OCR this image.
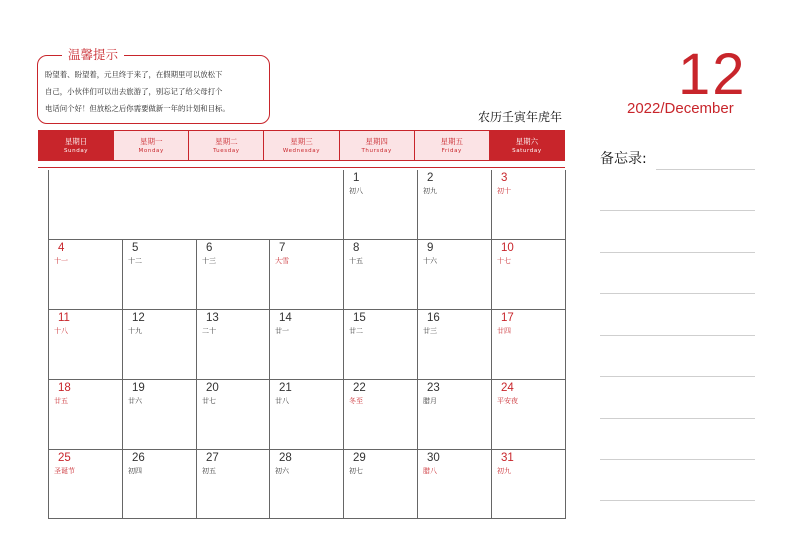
温馨提示
盼望着、盼望着，元旦终于来了，在假期里可以放松下
自己，小伙伴们可以出去旅游了，别忘记了给父母打个
电话问个好！但放松之后你需要做新一年的计划和目标。
农历壬寅年虎年
12
2022/December
星期日
Sunday
星期一
Monday
星期二
Tuesday
星期三
Wednesday
星期四
Thursday
星期五
Friday
星期六
Saturday
1
初八
2
初九
3
初十
4
十一
5
十二
6
十三
7
大雪
8
十五
9
十六
10
十七
11
十八
12
十九
13
二十
14
廿一
15
廿二
16
廿三
17
廿四
18
廿五
19
廿六
20
廿七
21
廿八
22
冬至
23
腊月
24
平安夜
25
圣诞节
26
初四
27
初五
28
初六
29
初七
30
腊八
31
初九
备忘录:
